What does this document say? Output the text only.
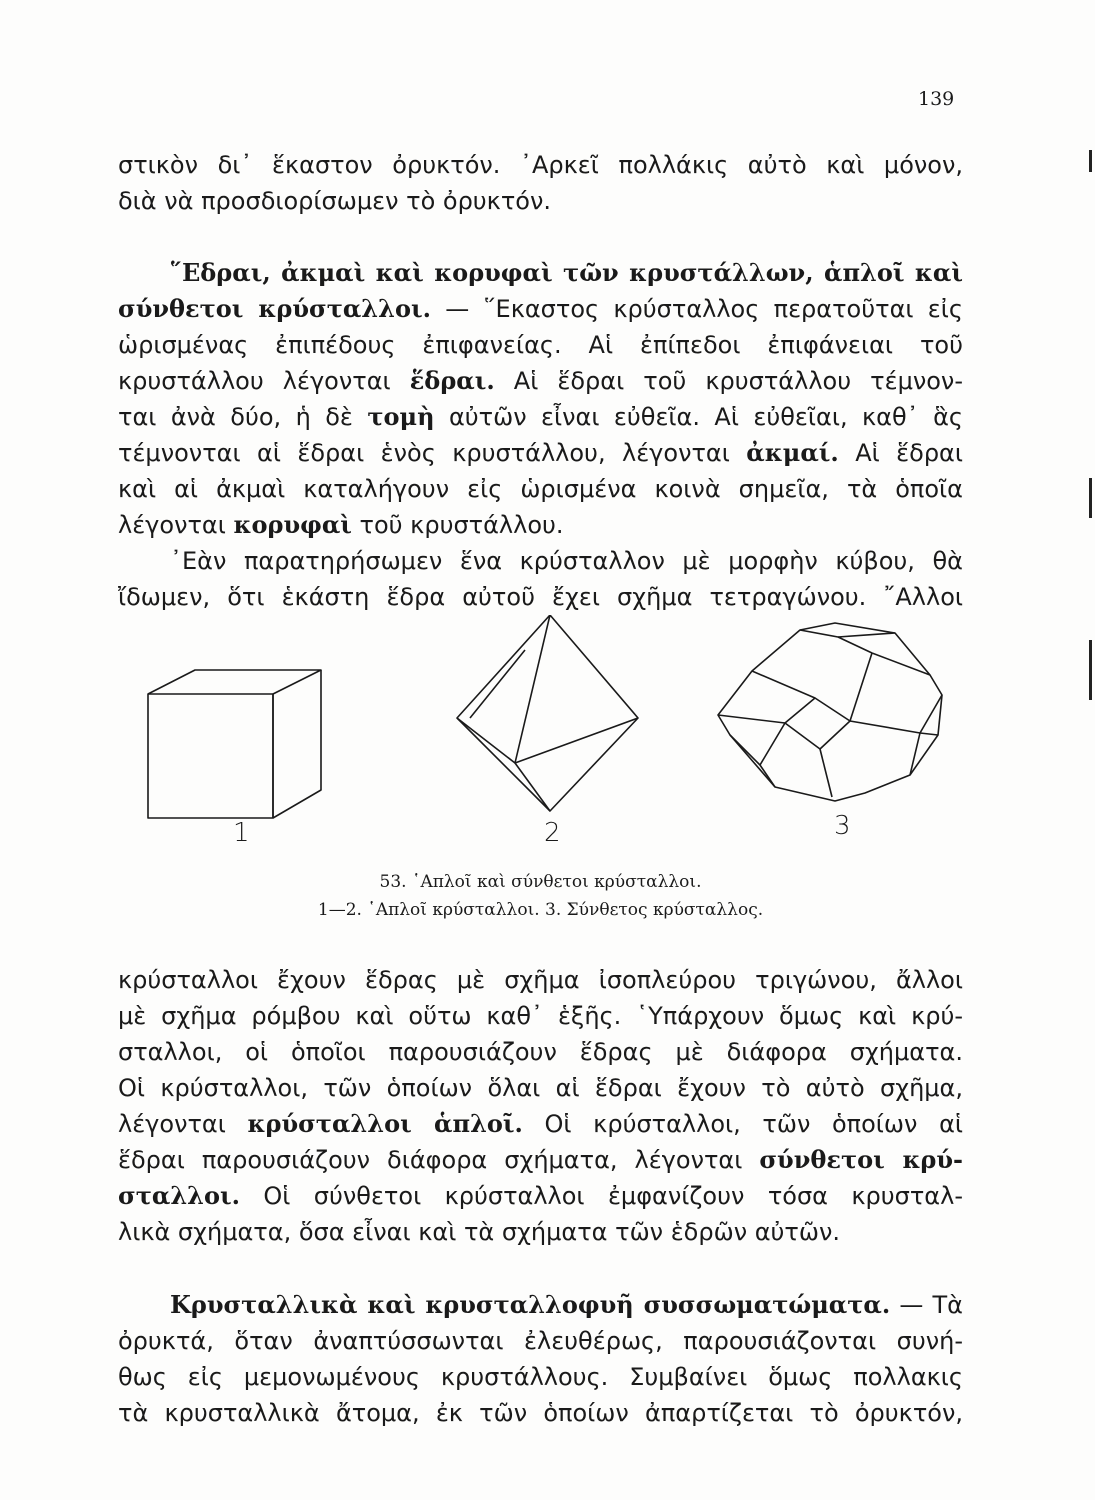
139
στικὸν δι᾽ ἕκαστον ὀρυκτόν. ᾽Αρκεῖ πολλάκις αὐτὸ καὶ μόνον,
διὰ νὰ προσδιορίσωμεν τὸ ὀρυκτόν.
῞Εδραι, ἀκμαὶ καὶ κορυφαὶ τῶν κρυστάλλων, ἁπλοῖ καὶ
σύνθετοι κρύσταλλοι. — ῞Εκαστος κρύσταλλος περατοῦται εἰς
ὡρισμένας ἐπιπέδους ἐπιφανείας. Αἱ ἐπίπεδοι ἐπιφάνειαι τοῦ
κρυστάλλου λέγονται ἕδραι. Αἱ ἕδραι τοῦ κρυστάλλου τέμνον-
ται ἀνὰ δύο, ἡ δὲ τομὴ αὐτῶν εἶναι εὐθεῖα. Αἱ εὐθεῖαι, καθ᾽ ἃς
τέμνονται αἱ ἕδραι ἑνὸς κρυστάλλου, λέγονται ἀκμαί. Αἱ ἕδραι
καὶ αἱ ἀκμαὶ καταλήγουν εἰς ὡρισμένα κοινὰ σημεῖα, τὰ ὁποῖα
λέγονται κορυφαὶ τοῦ κρυστάλλου.
᾽Εὰν παρατηρήσωμεν ἕνα κρύσταλλον μὲ μορφὴν κύβου, θὰ
ἴδωμεν, ὅτι ἑκάστη ἕδρα αὐτοῦ ἔχει σχῆμα τετραγώνου. ῎Αλλοι
1	2	3
53. ῾Απλοῖ καὶ σύνθετοι κρύσταλλοι.
1—2. ῾Απλοῖ κρύσταλλοι. 3. Σύνθετος κρύσταλλος.
κρύσταλλοι ἔχουν ἕδρας μὲ σχῆμα ἰσοπλεύρου τριγώνου, ἄλλοι
μὲ σχῆμα ρόμβου καὶ οὕτω καθ᾽ ἑξῆς. ῾Υπάρχουν ὅμως καὶ κρύ-
σταλλοι, οἱ ὁποῖοι παρουσιάζουν ἕδρας μὲ διάφορα σχήματα.
Οἱ κρύσταλλοι, τῶν ὁποίων ὅλαι αἱ ἕδραι ἔχουν τὸ αὐτὸ σχῆμα,
λέγονται κρύσταλλοι ἁπλοῖ. Οἱ κρύσταλλοι, τῶν ὁποίων αἱ
ἕδραι παρουσιάζουν διάφορα σχήματα, λέγονται σύνθετοι κρύ-
σταλλοι. Οἱ σύνθετοι κρύσταλλοι ἐμφανίζουν τόσα κρυσταλ-
λικὰ σχήματα, ὅσα εἶναι καὶ τὰ σχήματα τῶν ἑδρῶν αὐτῶν.
Κρυσταλλικὰ καὶ κρυσταλλοφυῆ συσσωματώματα. — Τὰ
ὀρυκτά, ὅταν ἀναπτύσσωνται ἐλευθέρως, παρουσιάζονται συνή-
θως εἰς μεμονωμένους κρυστάλλους. Συμβαίνει ὅμως πολλακις
τὰ κρυσταλλικὰ ἄτομα, ἐκ τῶν ὁποίων ἀπαρτίζεται τὸ ὀρυκτόν,
